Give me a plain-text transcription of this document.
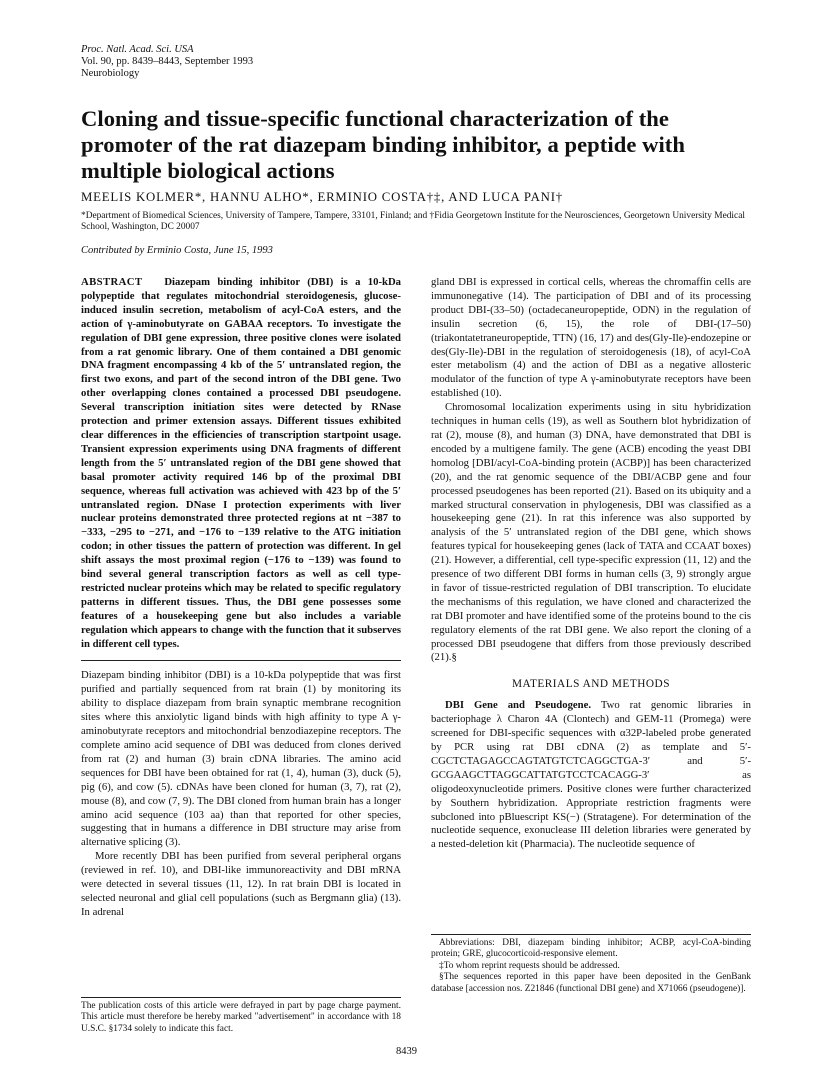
Proc. Natl. Acad. Sci. USA
Vol. 90, pp. 8439–8443, September 1993
Neurobiology
Cloning and tissue-specific functional characterization of the promoter of the rat diazepam binding inhibitor, a peptide with multiple biological actions
MEELIS KOLMER*, HANNU ALHO*, ERMINIO COSTA†‡, AND LUCA PANI†
*Department of Biomedical Sciences, University of Tampere, Tampere, 33101, Finland; and †Fidia Georgetown Institute for the Neurosciences, Georgetown University Medical School, Washington, DC 20007
Contributed by Erminio Costa, June 15, 1993

ABSTRACT Diazepam binding inhibitor (DBI) is a 10-kDa polypeptide that regulates mitochondrial steroidogenesis, glucose-induced insulin secretion, metabolism of acyl-CoA esters, and the action of γ-aminobutyrate on GABAA receptors. To investigate the regulation of DBI gene expression, three positive clones were isolated from a rat genomic library. One of them contained a DBI genomic DNA fragment encompassing 4 kb of the 5′ untranslated region, the first two exons, and part of the second intron of the DBI gene. Two other overlapping clones contained a processed DBI pseudogene. Several transcription initiation sites were detected by RNase protection and primer extension assays. Different tissues exhibited clear differences in the efficiencies of transcription startpoint usage. Transient expression experiments using DNA fragments of different length from the 5′ untranslated region of the DBI gene showed that basal promoter activity required 146 bp of the proximal DBI sequence, whereas full activation was achieved with 423 bp of the 5′ untranslated region. DNase I protection experiments with liver nuclear proteins demonstrated three protected regions at nt −387 to −333, −295 to −271, and −176 to −139 relative to the ATG initiation codon; in other tissues the pattern of protection was different. In gel shift assays the most proximal region (−176 to −139) was found to bind several general transcription factors as well as cell type-restricted nuclear proteins which may be related to specific regulatory patterns in different tissues. Thus, the DBI gene possesses some features of a housekeeping gene but also includes a variable regulation which appears to change with the function that it subserves in different cell types.

Diazepam binding inhibitor (DBI) is a 10-kDa polypeptide that was first purified and partially sequenced from rat brain (1) by monitoring its ability to displace diazepam from brain synaptic membrane recognition sites where this anxiolytic ligand binds with high affinity to type A γ-aminobutyrate receptors and mitochondrial benzodiazepine receptors. The complete amino acid sequence of DBI was deduced from clones derived from rat (2) and human (3) brain cDNA libraries. The amino acid sequences for DBI have been obtained for rat (1, 4), human (3), duck (5), pig (6), and cow (5). cDNAs have been cloned for human (3, 7), rat (2), mouse (8), and cow (7, 9). The DBI cloned from human brain has a longer amino acid sequence (103 aa) than that reported for other species, suggesting that in humans a difference in DBI structure may arise from alternative splicing (3).

More recently DBI has been purified from several peripheral organs (reviewed in ref. 10), and DBI-like immunoreactivity and DBI mRNA were detected in several tissues (11, 12). In rat brain DBI is located in selected neuronal and glial cell populations (such as Bergmann glia) (13). In adrenal

gland DBI is expressed in cortical cells, whereas the chromaffin cells are immunonegative (14). The participation of DBI and of its processing product DBI-(33–50) (octadecaneuropeptide, ODN) in the regulation of insulin secretion (6, 15), the role of DBI-(17–50) (triakontatetraneuropeptide, TTN) (16, 17) and des(Gly-Ile)-endozepine or des(Gly-Ile)-DBI in the regulation of steroidogenesis (18), of acyl-CoA ester metabolism (4) and the action of DBI as a negative allosteric modulator of the function of type A γ-aminobutyrate receptors have been established (10).

Chromosomal localization experiments using in situ hybridization techniques in human cells (19), as well as Southern blot hybridization of rat (2), mouse (8), and human (3) DNA, have demonstrated that DBI is encoded by a multigene family. The gene (ACB) encoding the yeast DBI homolog [DBI/acyl-CoA-binding protein (ACBP)] has been characterized (20), and the rat genomic sequence of the DBI/ACBP gene and four processed pseudogenes has been reported (21). Based on its ubiquity and a marked structural conservation in phylogenesis, DBI was classified as a housekeeping gene (21). In rat this inference was also supported by analysis of the 5′ untranslated region of the DBI gene, which shows features typical for housekeeping genes (lack of TATA and CCAAT boxes) (21). However, a differential, cell type-specific expression (11, 12) and the presence of two different DBI forms in human cells (3, 9) strongly argue in favor of tissue-restricted regulation of DBI transcription. To elucidate the mechanisms of this regulation, we have cloned and characterized the rat DBI promoter and have identified some of the proteins bound to the cis regulatory elements of the rat DBI gene. We also report the cloning of a processed DBI pseudogene that differs from those previously described (21).§

MATERIALS AND METHODS

DBI Gene and Pseudogene. Two rat genomic libraries in bacteriophage λ Charon 4A (Clontech) and GEM-11 (Promega) were screened for DBI-specific sequences with α32P-labeled probe generated by PCR using rat DBI cDNA (2) as template and 5′-CGCTCTAGAGCCAGTATGTCTCAGGCTGA-3′ and 5′-GCGAAGCTTAGGCATTATGTCCTCACAGG-3′ as oligodeoxynucleotide primers. Positive clones were further characterized by Southern hybridization. Appropriate restriction fragments were subcloned into pBluescript KS(−) (Stratagene). For determination of the nucleotide sequence, exonuclease III deletion libraries were generated by a nested-deletion kit (Pharmacia). The nucleotide sequence of

The publication costs of this article were defrayed in part by page charge payment. This article must therefore be hereby marked "advertisement" in accordance with 18 U.S.C. §1734 solely to indicate this fact.

Abbreviations: DBI, diazepam binding inhibitor; ACBP, acyl-CoA-binding protein; GRE, glucocorticoid-responsive element.

‡To whom reprint requests should be addressed.

§The sequences reported in this paper have been deposited in the GenBank database [accession nos. Z21846 (functional DBI gene) and X71066 (pseudogene)].

8439
